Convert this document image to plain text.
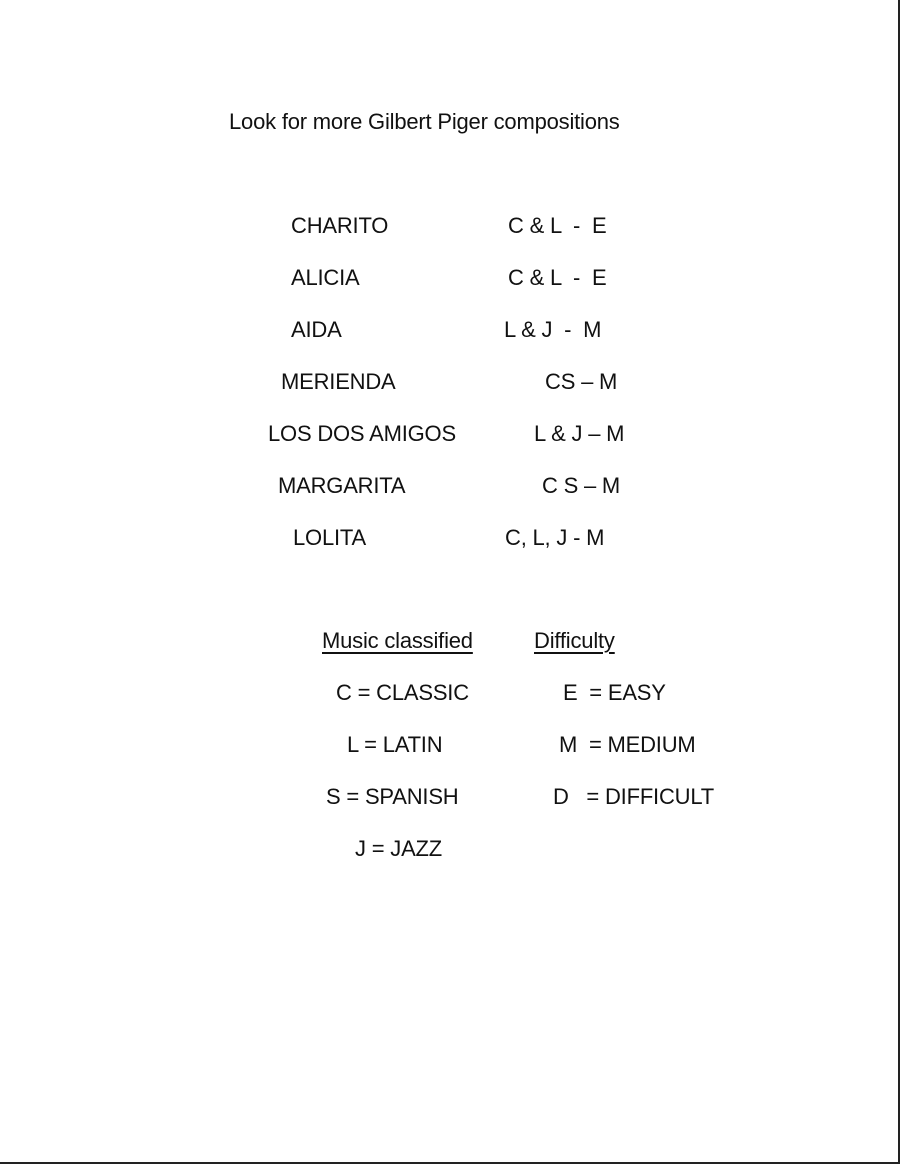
Look for more Gilbert Piger compositions
CHARITO	C & L  -  E
ALICIA	C & L  -  E
AIDA	L & J  -  M
MERIENDA	CS – M
LOS DOS AMIGOS	L & J – M
MARGARITA	C S – M
LOLITA	C, L, J - M
Music classified	Difficulty
C = CLASSIC	E  = EASY
L = LATIN	M  = MEDIUM
S = SPANISH	D   = DIFFICULT
J = JAZZ
